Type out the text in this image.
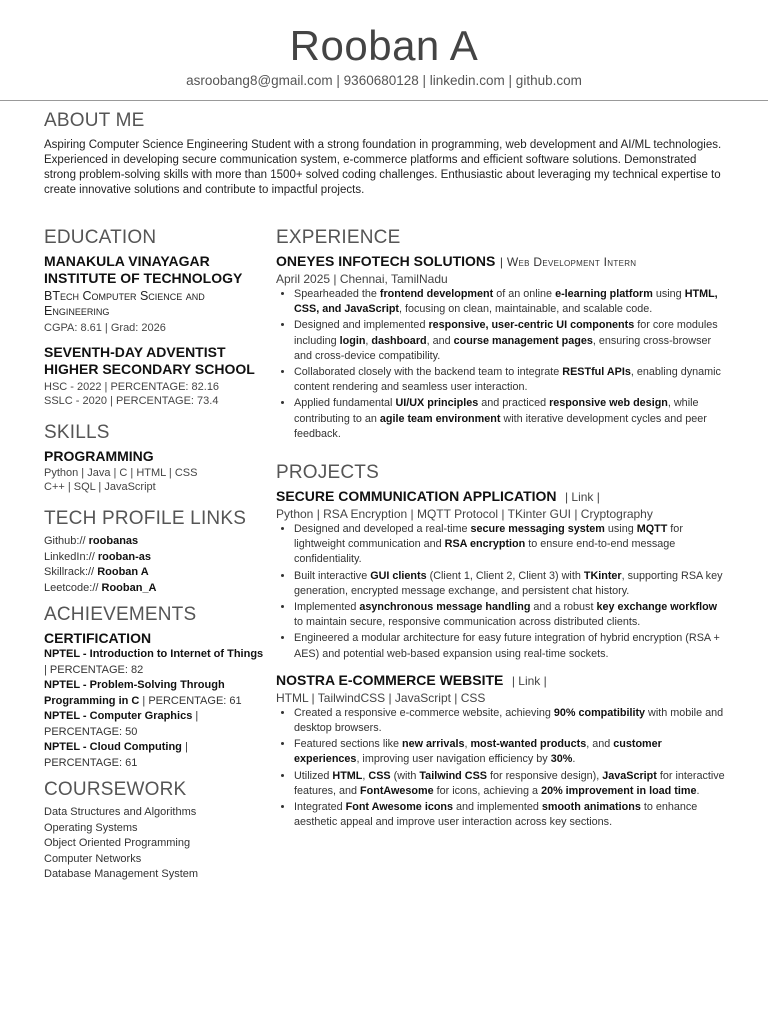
Rooban A
asroobang8@gmail.com | 9360680128 | linkedin.com | github.com
ABOUT ME
Aspiring Computer Science Engineering Student with a strong foundation in programming, web development and AI/ML technologies. Experienced in developing secure communication system, e-commerce platforms and efficient software solutions. Demonstrated strong problem-solving skills with more than 1500+ solved coding challenges. Enthusiastic about leveraging my technical expertise to create innovative solutions and contribute to impactful projects.
EDUCATION
MANAKULA VINAYAGAR INSTITUTE OF TECHNOLOGY
BTech Computer Science and Engineering
CGPA: 8.61 | Grad: 2026
SEVENTH-DAY ADVENTIST HIGHER SECONDARY SCHOOL
HSC - 2022 | PERCENTAGE: 82.16
SSLC - 2020 | PERCENTAGE: 73.4
SKILLS
PROGRAMMING
Python | Java | C | HTML | CSS
C++ | SQL | JavaScript
TECH PROFILE LINKS
Github:// roobanas
LinkedIn:// rooban-as
Skillrack:// Rooban A
Leetcode:// Rooban_A
ACHIEVEMENTS
CERTIFICATION
NPTEL - Introduction to Internet of Things | PERCENTAGE: 82
NPTEL - Problem-Solving Through Programming in C | PERCENTAGE: 61
NPTEL - Computer Graphics | PERCENTAGE: 50
NPTEL - Cloud Computing | PERCENTAGE: 61
COURSEWORK
Data Structures and Algorithms
Operating Systems
Object Oriented Programming
Computer Networks
Database Management System
EXPERIENCE
ONEYES INFOTECH SOLUTIONS | Web Development Intern
April 2025 | Chennai, TamilNadu
• Spearheaded the frontend development of an online e-learning platform using HTML, CSS, and JavaScript, focusing on clean, maintainable, and scalable code.
• Designed and implemented responsive, user-centric UI components for core modules including login, dashboard, and course management pages, ensuring cross-browser and cross-device compatibility.
• Collaborated closely with the backend team to integrate RESTful APIs, enabling dynamic content rendering and seamless user interaction.
• Applied fundamental UI/UX principles and practiced responsive web design, while contributing to an agile team environment with iterative development cycles and peer feedback.
PROJECTS
SECURE COMMUNICATION APPLICATION | Link |
Python | RSA Encryption | MQTT Protocol | TKinter GUI | Cryptography
• Designed and developed a real-time secure messaging system using MQTT for lightweight communication and RSA encryption to ensure end-to-end message confidentiality.
• Built interactive GUI clients (Client 1, Client 2, Client 3) with TKinter, supporting RSA key generation, encrypted message exchange, and persistent chat history.
• Implemented asynchronous message handling and a robust key exchange workflow to maintain secure, responsive communication across distributed clients.
• Engineered a modular architecture for easy future integration of hybrid encryption (RSA + AES) and potential web-based expansion using real-time sockets.
NOSTRA E-COMMERCE WEBSITE | Link |
HTML | TailwindCSS | JavaScript | CSS
• Created a responsive e-commerce website, achieving 90% compatibility with mobile and desktop browsers.
• Featured sections like new arrivals, most-wanted products, and customer experiences, improving user navigation efficiency by 30%.
• Utilized HTML, CSS (with Tailwind CSS for responsive design), JavaScript for interactive features, and FontAwesome for icons, achieving a 20% improvement in load time.
• Integrated Font Awesome icons and implemented smooth animations to enhance aesthetic appeal and improve user interaction across key sections.
